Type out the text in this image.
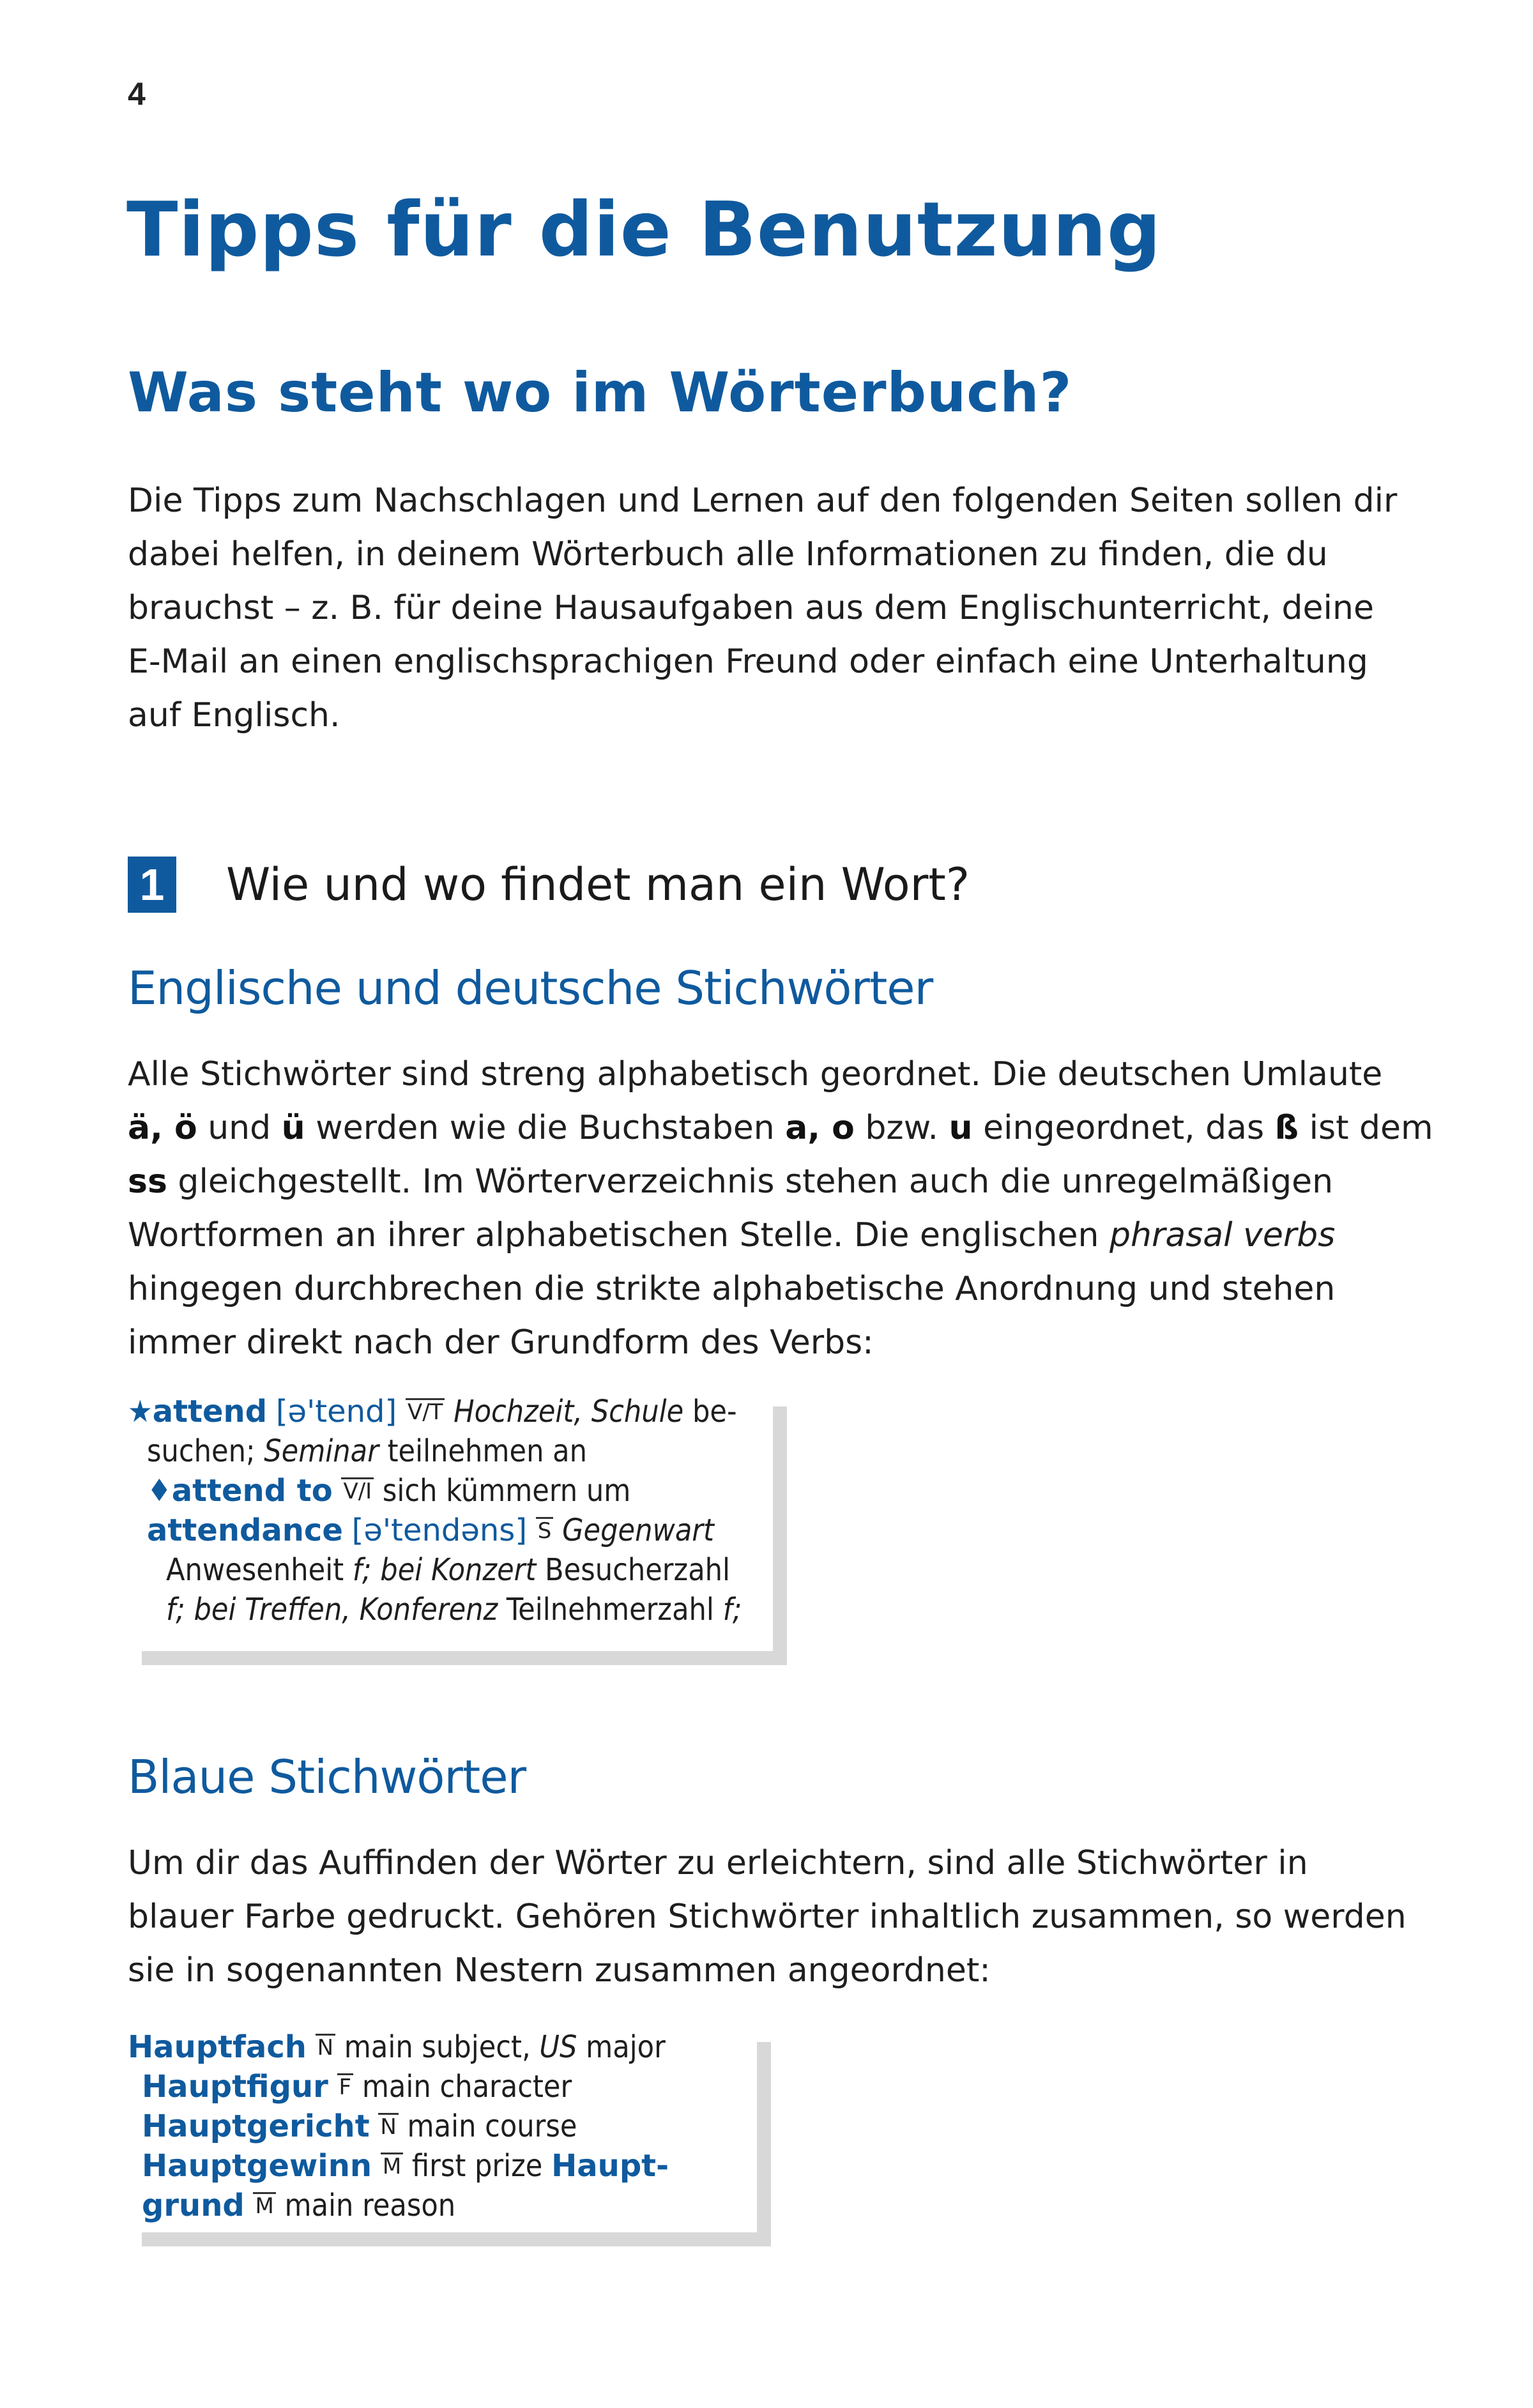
4
Tipps für die Benutzung
Was steht wo im Wörterbuch?

Die Tipps zum Nachschlagen und Lernen auf den folgenden Seiten sollen dir
dabei helfen, in deinem Wörterbuch alle Informationen zu finden, die du
brauchst – z. B. für deine Hausaufgaben aus dem Englischunterricht, deine
E-Mail an einen englischsprachigen Freund oder einfach eine Unterhaltung
auf Englisch.

1 Wie und wo findet man ein Wort?
Englische und deutsche Stichwörter

Alle Stichwörter sind streng alphabetisch geordnet. Die deutschen Umlaute
ä, ö und ü werden wie die Buchstaben a, o bzw. u eingeordnet, das ß ist dem
ss gleichgestellt. Im Wörterverzeichnis stehen auch die unregelmäßigen
Wortformen an ihrer alphabetischen Stelle. Die englischen phrasal verbs
hingegen durchbrechen die strikte alphabetische Anordnung und stehen
immer direkt nach der Grundform des Verbs:

★attend [ə'tend] V/T Hochzeit, Schule be-
suchen; Seminar teilnehmen an
♦attend to V/I sich kümmern um
attendance [ə'tendəns] S Gegenwart
Anwesenheit f; bei Konzert Besucherzahl
f; bei Treffen, Konferenz Teilnehmerzahl f;
Blaue Stichwörter

Um dir das Auffinden der Wörter zu erleichtern, sind alle Stichwörter in
blauer Farbe gedruckt. Gehören Stichwörter inhaltlich zusammen, so werden
sie in sogenannten Nestern zusammen angeordnet:

Hauptfach N main subject, US major
Hauptfigur F main character
Hauptgericht N main course
Hauptgewinn M first prize Haupt-
grund M main reason
